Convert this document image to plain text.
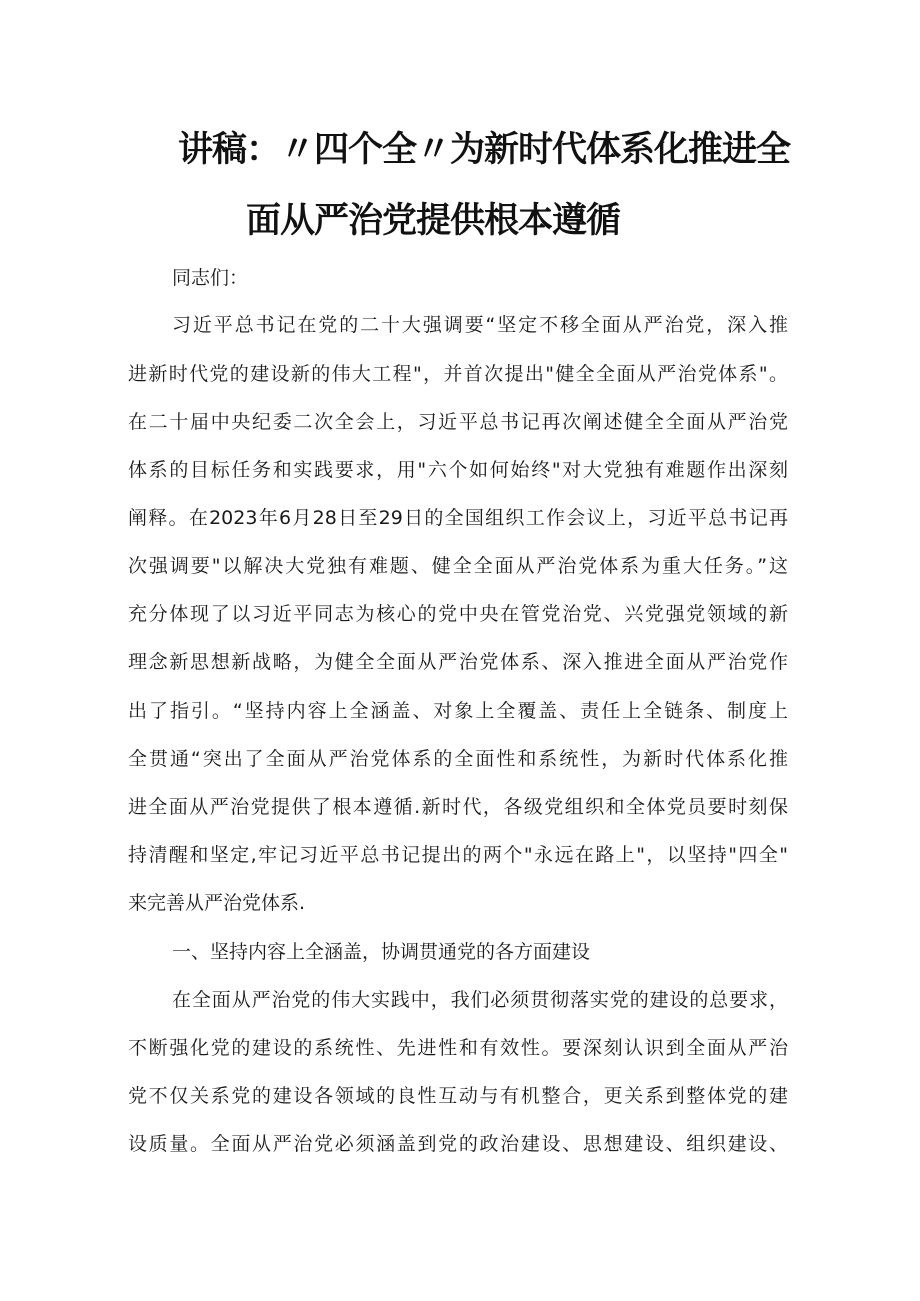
讲稿：〃四个全〃为新时代体系化推进全
面从严治党提供根本遵循
同志们：
习近平总书记在党的二十大强调要“坚定不移全面从严治党，深入推
进新时代党的建设新的伟大工程"，并首次提出"健全全面从严治党体系"。
在二十届中央纪委二次全会上，习近平总书记再次阐述健全全面从严治党
体系的目标任务和实践要求，用"六个如何始终"对大党独有难题作出深刻
阐释。在2023年6月28日至29日的全国组织工作会议上，习近平总书记再
次强调要"以解决大党独有难题、健全全面从严治党体系为重大任务。”这
充分体现了以习近平同志为核心的党中央在管党治党、兴党强党领域的新
理念新思想新战略，为健全全面从严治党体系、深入推进全面从严治党作
出了指引。“坚持内容上全涵盖、对象上全覆盖、责任上全链条、制度上
全贯通“突出了全面从严治党体系的全面性和系统性，为新时代体系化推
进全面从严治党提供了根本遵循.新时代，各级党组织和全体党员要时刻保
持清醒和坚定,牢记习近平总书记提出的两个"永远在路上"，以坚持"四全"
来完善从严治党体系.
一、坚持内容上全涵盖，协调贯通党的各方面建设
在全面从严治党的伟大实践中，我们必须贯彻落实党的建设的总要求，
不断强化党的建设的系统性、先进性和有效性。要深刻认识到全面从严治
党不仅关系党的建设各领域的良性互动与有机整合，更关系到整体党的建
设质量。全面从严治党必须涵盖到党的政治建设、思想建设、组织建设、
